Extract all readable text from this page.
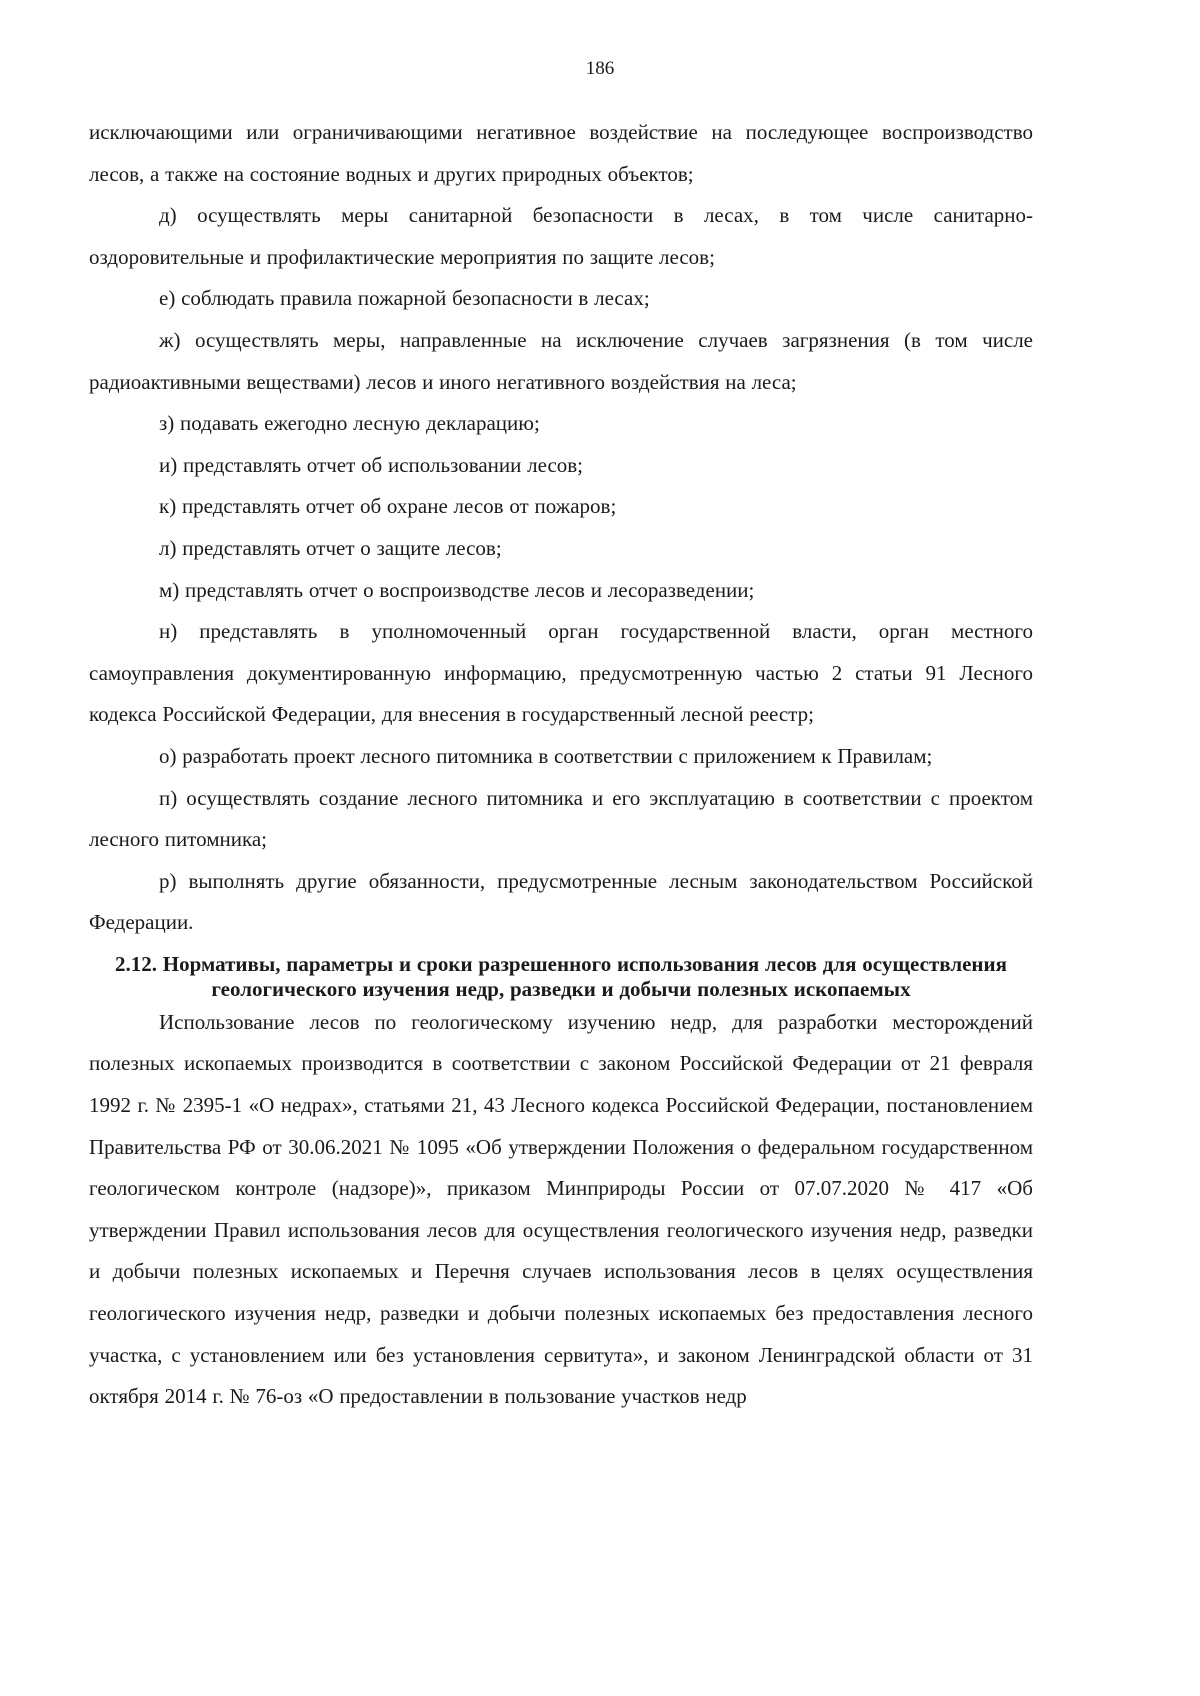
186

исключающими или ограничивающими негативное воздействие на последующее воспроизводство лесов, а также на состояние водных и других природных объектов;

д) осуществлять меры санитарной безопасности в лесах, в том числе санитарно-оздоровительные и профилактические мероприятия по защите лесов;

е) соблюдать правила пожарной безопасности в лесах;

ж) осуществлять меры, направленные на исключение случаев загрязнения (в том числе радиоактивными веществами) лесов и иного негативного воздействия на леса;

з) подавать ежегодно лесную декларацию;

и) представлять отчет об использовании лесов;

к) представлять отчет об охране лесов от пожаров;

л) представлять отчет о защите лесов;

м) представлять отчет о воспроизводстве лесов и лесоразведении;

н) представлять в уполномоченный орган государственной власти, орган местного самоуправления документированную информацию, предусмотренную частью 2 статьи 91 Лесного кодекса Российской Федерации, для внесения в государственный лесной реестр;

о) разработать проект лесного питомника в соответствии с приложением к Правилам;

п) осуществлять создание лесного питомника и его эксплуатацию в соответствии с проектом лесного питомника;

р) выполнять другие обязанности, предусмотренные лесным законодательством Российской Федерации.

2.12. Нормативы, параметры и сроки разрешенного использования лесов для осуществления геологического изучения недр, разведки и добычи полезных ископаемых

Использование лесов по геологическому изучению недр, для разработки месторождений полезных ископаемых производится в соответствии с законом Российской Федерации от 21 февраля 1992 г. № 2395-1 «О недрах», статьями 21, 43 Лесного кодекса Российской Федерации, постановлением Правительства РФ от 30.06.2021 № 1095 «Об утверждении Положения о федеральном государственном геологическом контроле (надзоре)», приказом Минприроды России от 07.07.2020 № 417 «Об утверждении Правил использования лесов для осуществления геологического изучения недр, разведки и добычи полезных ископаемых и Перечня случаев использования лесов в целях осуществления геологического изучения недр, разведки и добычи полезных ископаемых без предоставления лесного участка, с установлением или без установления сервитута», и законом Ленинградской области от 31 октября 2014 г. № 76-оз «О предоставлении в пользование участков недр
